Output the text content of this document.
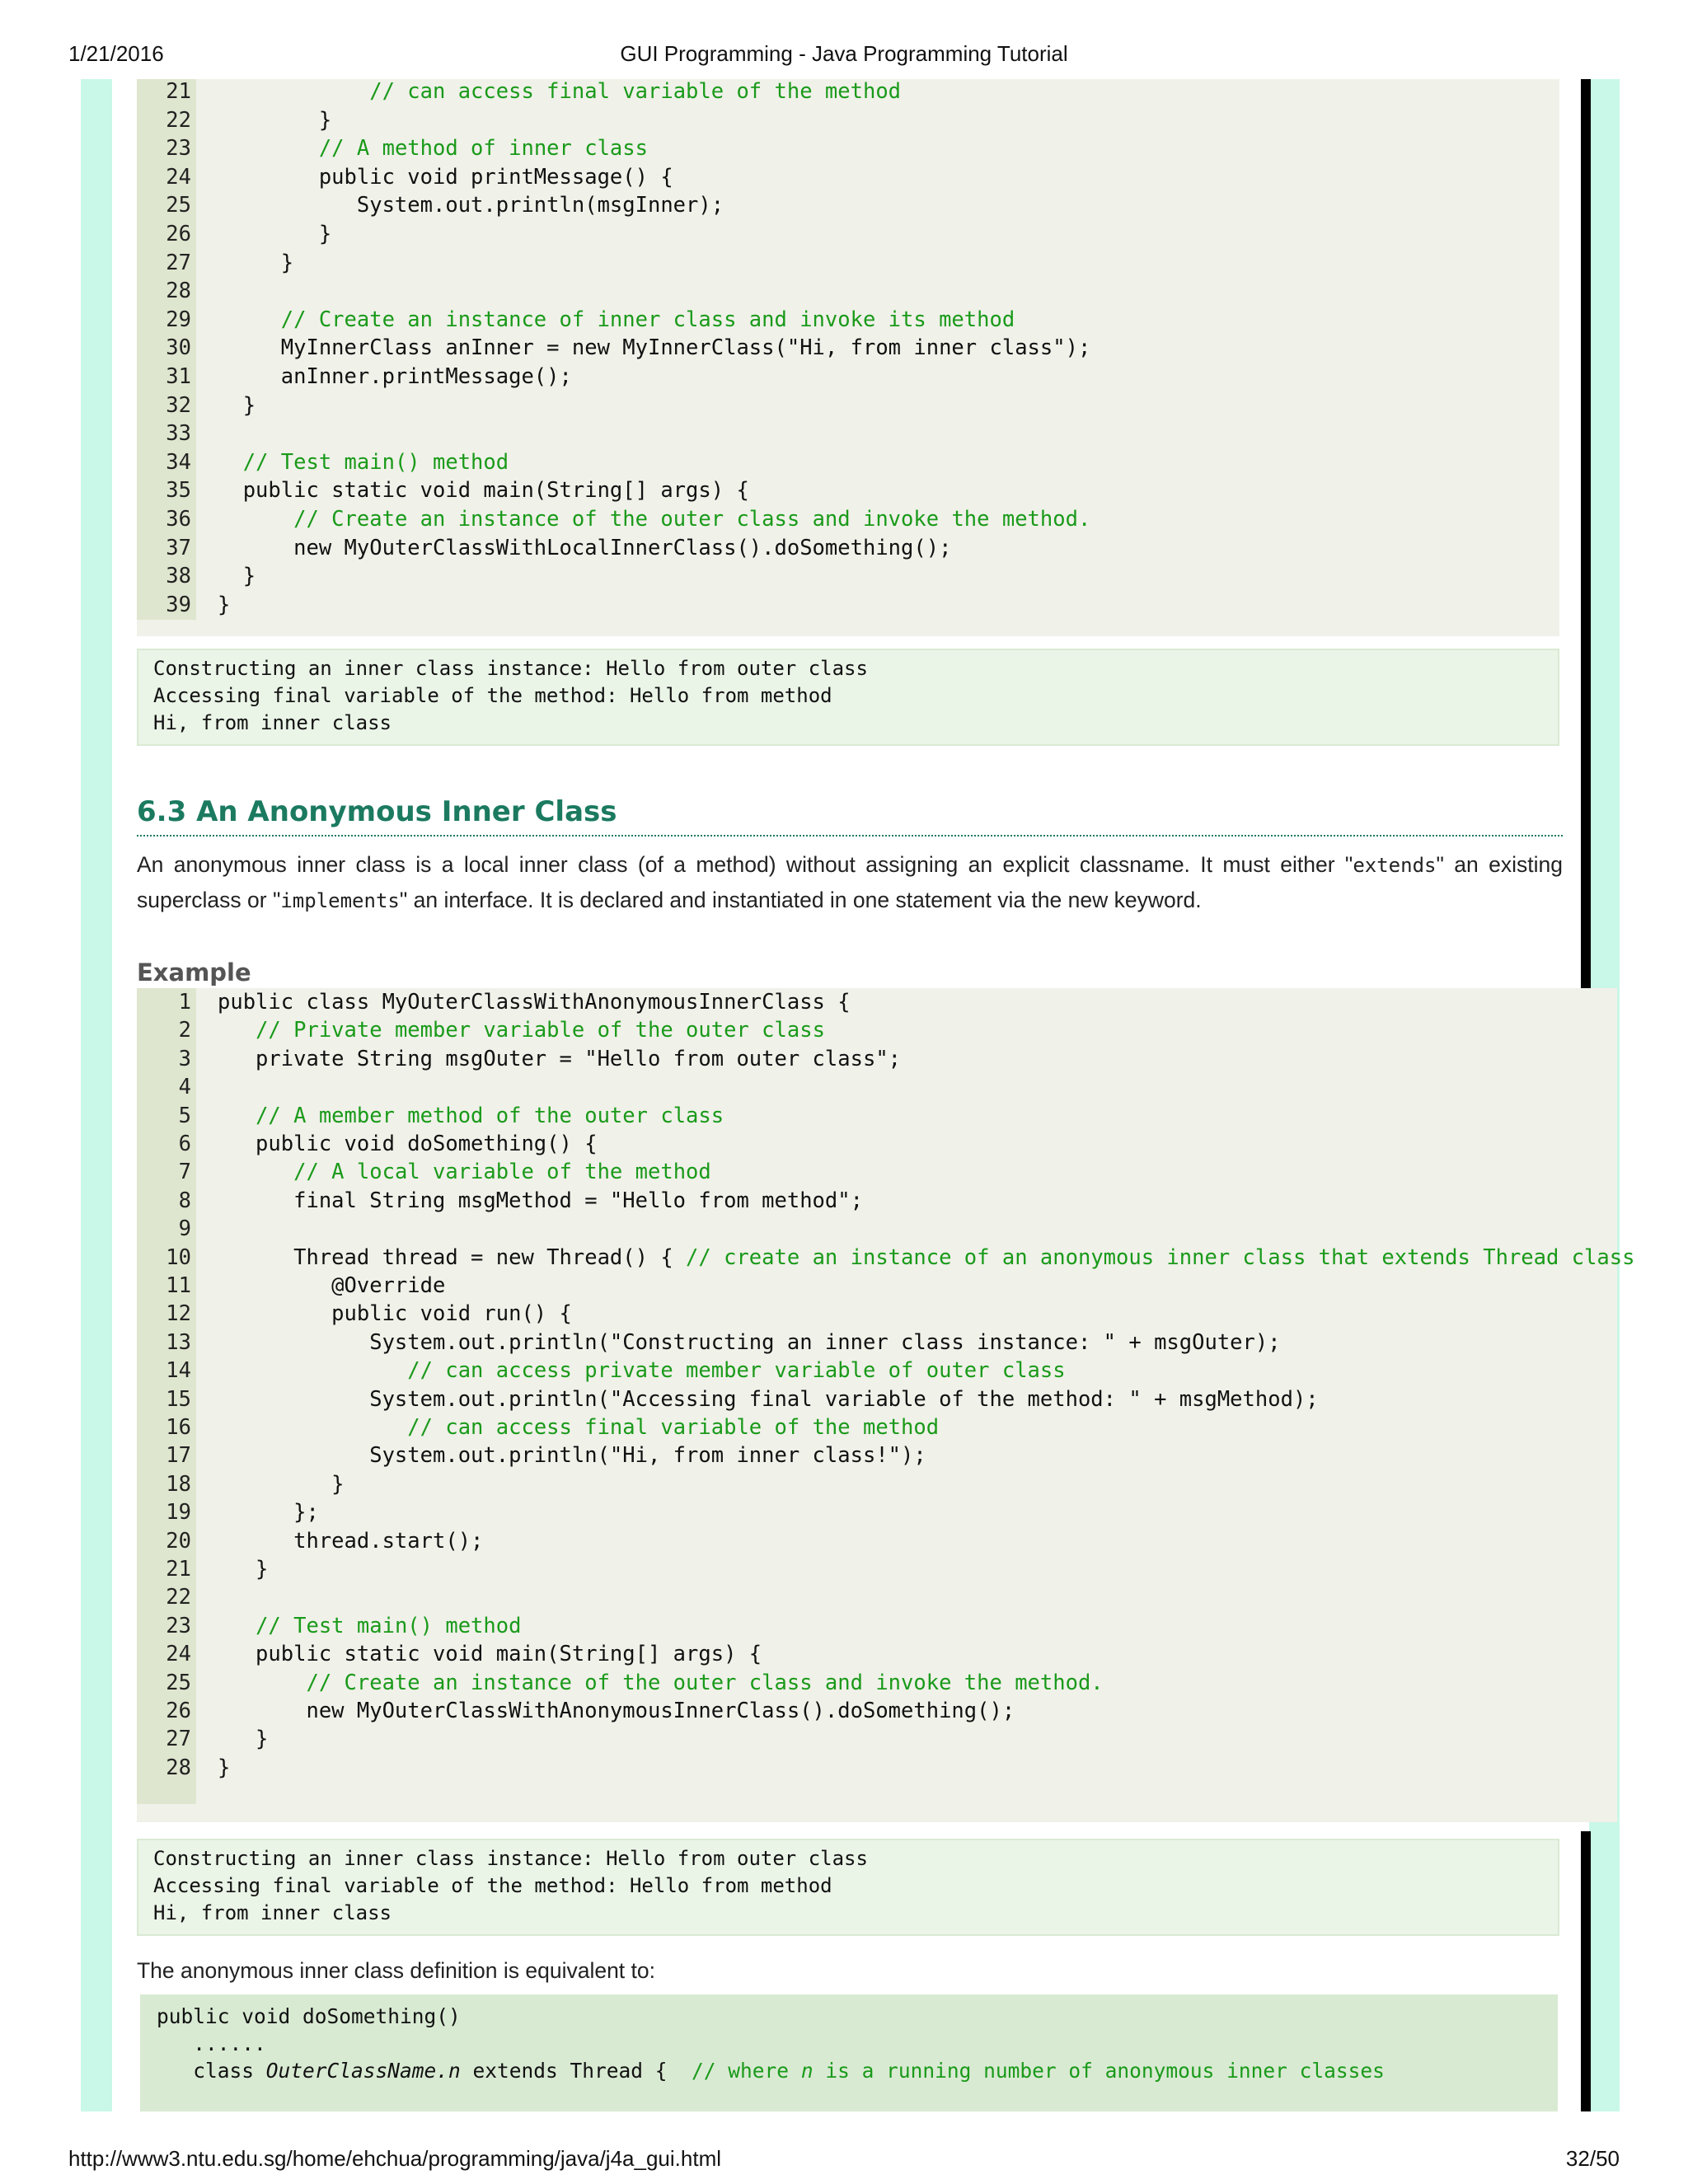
1/21/2016	GUI Programming - Java Programming Tutorial
21	// can access final variable of the method
22 }
23	// A method of inner class
24 public void printMessage() {
25 System.out.println(msgInner);
26 }
27 }
28
29	// Create an instance of inner class and invoke its method
30 MyInnerClass anInner = new MyInnerClass("Hi, from inner class");
31 anInner.printMessage();
32 }
33
34	// Test main() method
35 public static void main(String[] args) {
36	// Create an instance of the outer class and invoke the method.
37 new MyOuterClassWithLocalInnerClass().doSomething();
38 }
39 }
Constructing an inner class instance: Hello from outer class
Accessing final variable of the method: Hello from method
Hi, from inner class
6.3 An Anonymous Inner Class
An anonymous inner class is a local inner class (of a method) without assigning an explicit classname. It must either "extends" an existing superclass or "implements" an interface. It is declared and instantiated in one statement via the new keyword.
Example
1 public class MyOuterClassWithAnonymousInnerClass {
2	// Private member variable of the outer class
3 private String msgOuter = "Hello from outer class";
4
5	// A member method of the outer class
6 public void doSomething() {
7	// A local variable of the method
8 final String msgMethod = "Hello from method";
9
10 Thread thread = new Thread() { // create an instance of an anonymous inner class that extends Thread class
11 @Override
12 public void run() {
13 System.out.println("Constructing an inner class instance: " + msgOuter);
14	// can access private member variable of outer class
15 System.out.println("Accessing final variable of the method: " + msgMethod);
16	// can access final variable of the method
17 System.out.println("Hi, from inner class!");
18 }
19 };
20 thread.start();
21 }
22
23	// Test main() method
24 public static void main(String[] args) {
25	// Create an instance of the outer class and invoke the method.
26 new MyOuterClassWithAnonymousInnerClass().doSomething();
27 }
28 }
Constructing an inner class instance: Hello from outer class
Accessing final variable of the method: Hello from method
Hi, from inner class
The anonymous inner class definition is equivalent to:
public void doSomething()
......
class OuterClassName.n extends Thread {  // where n is a running number of anonymous inner classes
http://www3.ntu.edu.sg/home/ehchua/programming/java/j4a_gui.html	32/50
